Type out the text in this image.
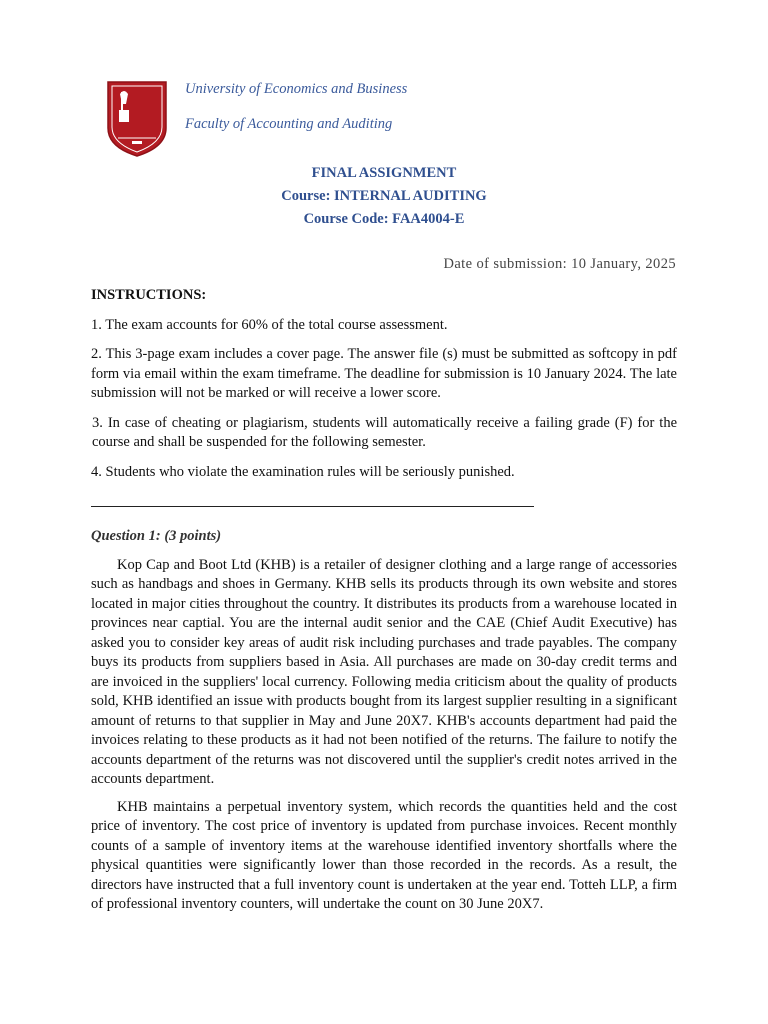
University of Economics and Business
Faculty of Accounting and Auditing
FINAL ASSIGNMENT
Course: INTERNAL AUDITING
Course Code: FAA4004-E
Date of submission: 10 January, 2025
INSTRUCTIONS:
1. The exam accounts for 60% of the total course assessment.
2. This 3-page exam includes a cover page. The answer file (s) must be submitted as softcopy in pdf form via email within the exam timeframe. The deadline for submission is 10 January 2024. The late submission will not be marked or will receive a lower score.
3. In case of cheating or plagiarism, students will automatically receive a failing grade (F) for the course and shall be suspended for the following semester.
4. Students who violate the examination rules will be seriously punished.
Question 1: (3 points)
Kop Cap and Boot Ltd (KHB) is a retailer of designer clothing and a large range of accessories such as handbags and shoes in Germany. KHB sells its products through its own website and stores located in major cities throughout the country. It distributes its products from a warehouse located in provinces near captial. You are the internal audit senior and the CAE (Chief Audit Executive) has asked you to consider key areas of audit risk including purchases and trade payables. The company buys its products from suppliers based in Asia. All purchases are made on 30-day credit terms and are invoiced in the suppliers' local currency. Following media criticism about the quality of products sold, KHB identified an issue with products bought from its largest supplier resulting in a significant amount of returns to that supplier in May and June 20X7. KHB's accounts department had paid the invoices relating to these products as it had not been notified of the returns. The failure to notify the accounts department of the returns was not discovered until the supplier's credit notes arrived in the accounts department.
KHB maintains a perpetual inventory system, which records the quantities held and the cost price of inventory. The cost price of inventory is updated from purchase invoices. Recent monthly counts of a sample of inventory items at the warehouse identified inventory shortfalls where the physical quantities were significantly lower than those recorded in the records. As a result, the directors have instructed that a full inventory count is undertaken at the year end. Totteh LLP, a firm of professional inventory counters, will undertake the count on 30 June 20X7.
